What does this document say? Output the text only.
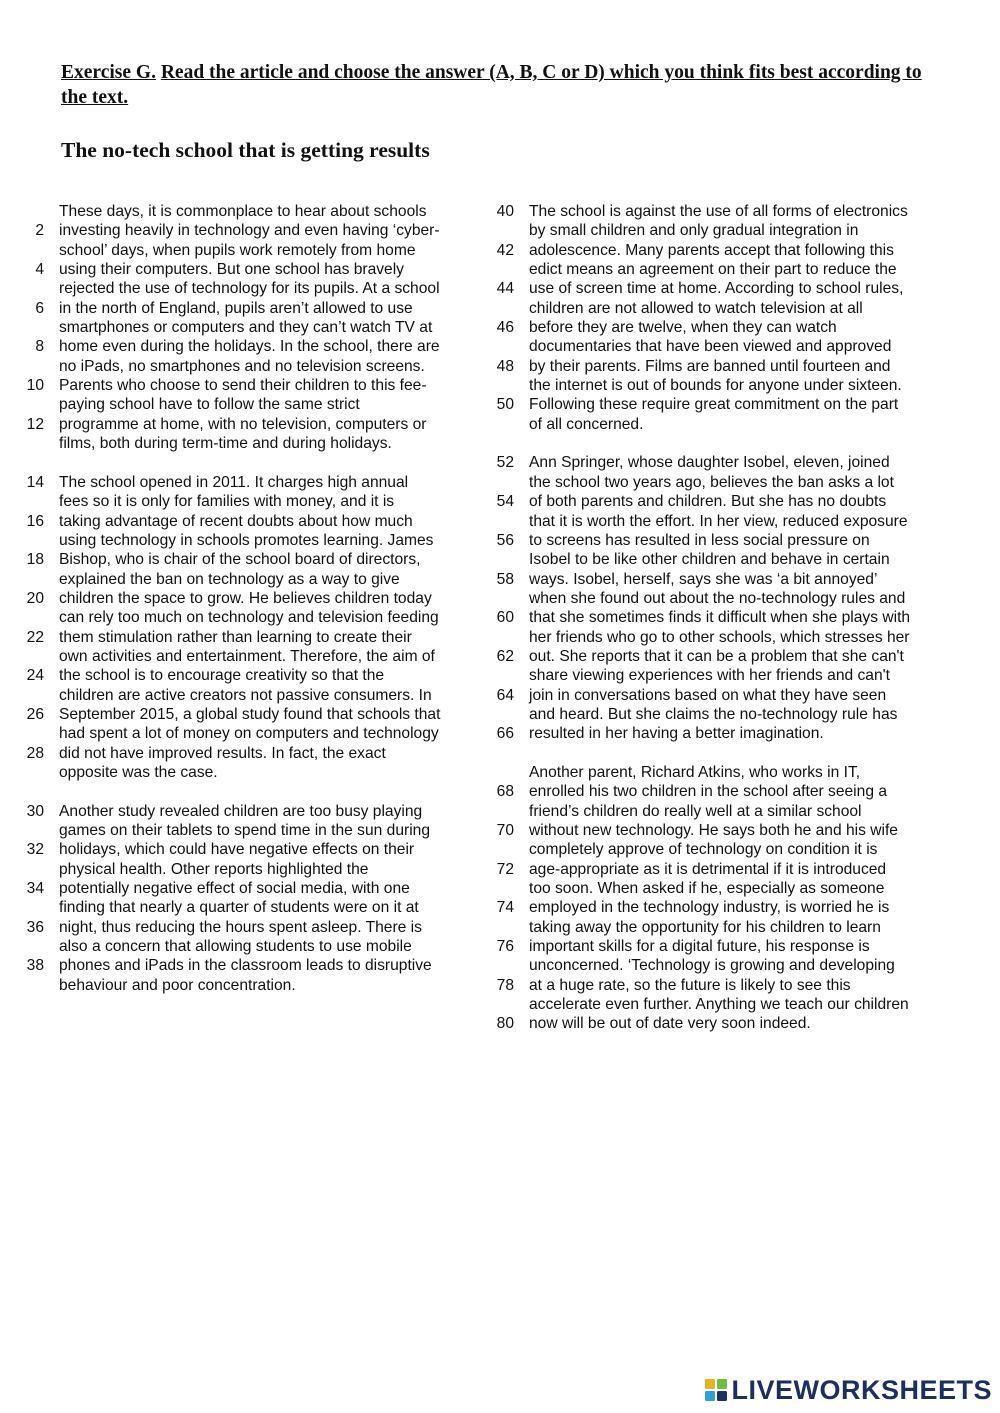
Exercise G. Read the article and choose the answer (A, B, C or D) which you think fits best according to the text.
The no-tech school that is getting results
These days, it is commonplace to hear about schools
2 investing heavily in technology and even having ‘cyber-
school’ days, when pupils work remotely from home
4 using their computers. But one school has bravely
rejected the use of technology for its pupils. At a school
6 in the north of England, pupils aren’t allowed to use
smartphones or computers and they can’t watch TV at
8 home even during the holidays. In the school, there are
no iPads, no smartphones and no television screens.
10 Parents who choose to send their children to this fee-
paying school have to follow the same strict
12 programme at home, with no television, computers or
films, both during term-time and during holidays.
14 The school opened in 2011. It charges high annual
fees so it is only for families with money, and it is
16 taking advantage of recent doubts about how much
using technology in schools promotes learning. James
18 Bishop, who is chair of the school board of directors,
explained the ban on technology as a way to give
20 children the space to grow. He believes children today
can rely too much on technology and television feeding
22 them stimulation rather than learning to create their
own activities and entertainment. Therefore, the aim of
24 the school is to encourage creativity so that the
children are active creators not passive consumers. In
26 September 2015, a global study found that schools that
had spent a lot of money on computers and technology
28 did not have improved results. In fact, the exact
opposite was the case.
30 Another study revealed children are too busy playing
games on their tablets to spend time in the sun during
32 holidays, which could have negative effects on their
physical health. Other reports highlighted the
34 potentially negative effect of social media, with one
finding that nearly a quarter of students were on it at
36 night, thus reducing the hours spent asleep. There is
also a concern that allowing students to use mobile
38 phones and iPads in the classroom leads to disruptive
behaviour and poor concentration.
40 The school is against the use of all forms of electronics
by small children and only gradual integration in
42 adolescence. Many parents accept that following this
edict means an agreement on their part to reduce the
44 use of screen time at home. According to school rules,
children are not allowed to watch television at all
46 before they are twelve, when they can watch
documentaries that have been viewed and approved
48 by their parents. Films are banned until fourteen and
the internet is out of bounds for anyone under sixteen.
50 Following these require great commitment on the part
of all concerned.
52 Ann Springer, whose daughter Isobel, eleven, joined
the school two years ago, believes the ban asks a lot
54 of both parents and children. But she has no doubts
that it is worth the effort. In her view, reduced exposure
56 to screens has resulted in less social pressure on
Isobel to be like other children and behave in certain
58 ways. Isobel, herself, says she was ‘a bit annoyed’
when she found out about the no-technology rules and
60 that she sometimes finds it difficult when she plays with
her friends who go to other schools, which stresses her
62 out. She reports that it can be a problem that she can't
share viewing experiences with her friends and can't
64 join in conversations based on what they have seen
and heard. But she claims the no-technology rule has
66 resulted in her having a better imagination.
Another parent, Richard Atkins, who works in IT,
68 enrolled his two children in the school after seeing a
friend’s children do really well at a similar school
70 without new technology. He says both he and his wife
completely approve of technology on condition it is
72 age-appropriate as it is detrimental if it is introduced
too soon. When asked if he, especially as someone
74 employed in the technology industry, is worried he is
taking away the opportunity for his children to learn
76 important skills for a digital future, his response is
unconcerned. ‘Technology is growing and developing
78 at a huge rate, so the future is likely to see this
accelerate even further. Anything we teach our children
80 now will be out of date very soon indeed.
LIVEWORKSHEETS
